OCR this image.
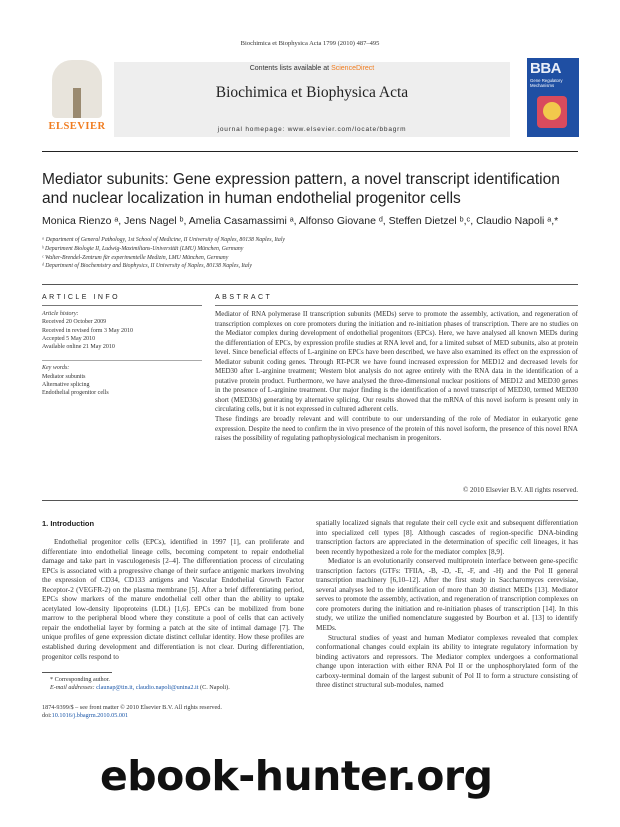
Biochimica et Biophysica Acta 1799 (2010) 487–495
ELSEVIER
Contents lists available at ScienceDirect
Biochimica et Biophysica Acta
journal homepage: www.elsevier.com/locate/bbagrm
BBA
Gene Regulatory Mechanisms
Mediator subunits: Gene expression pattern, a novel transcript identification and nuclear localization in human endothelial progenitor cells
Monica Rienzo ᵃ, Jens Nagel ᵇ, Amelia Casamassimi ᵃ, Alfonso Giovane ᵈ, Steffen Dietzel ᵇ,ᶜ, Claudio Napoli ᵃ,*
ᵃ Department of General Pathology, 1st School of Medicine, II University of Naples, 80138 Naples, Italy
ᵇ Department Biologie II, Ludwig-Maximilians-Universität (LMU) München, Germany
ᶜ Walter-Brendel-Zentrum für experimentelle Medizin, LMU München, Germany
ᵈ Department of Biochemistry and Biophysics, II University of Naples, 80138 Naples, Italy
ARTICLE INFO	ABSTRACT
Article history:
Received 20 October 2009
Received in revised form 3 May 2010
Accepted 5 May 2010
Available online 21 May 2010
Key words:
Mediator subunits
Alternative splicing
Endothelial progenitor cells
Mediator of RNA polymerase II transcription subunits (MEDs) serve to promote the assembly, activation, and regeneration of transcription complexes on core promoters during the initiation and re-initiation phases of transcription. There are no studies on the Mediator complex during development of endothelial progenitors (EPCs). Here, we have analysed all known MEDs during the differentiation of EPCs, by expression profile studies at RNA level and, for a limited subset of MED subunits, also at protein level. Since beneficial effects of L-arginine on EPCs have been described, we have also examined its effect on the expression of Mediator subunit coding genes. Through RT-PCR we have found increased expression for MED12 and decreased levels for MED30 after L-arginine treatment; Western blot analysis do not agree entirely with the RNA data in the identification of a putative protein product. Furthermore, we have analysed the three-dimensional nuclear positions of MED12 and MED30 genes in the presence of L-arginine treatment. Our major finding is the identification of a novel transcript of MED30, termed MED30 short (MED30s) generating by alternative splicing. Our results showed that the mRNA of this novel isoform is present only in circulating cells, but it is not expressed in cultured adherent cells.
These findings are broadly relevant and will contribute to our understanding of the role of Mediator in eukaryotic gene expression. Despite the need to confirm the in vivo presence of the protein of this novel isoform, the presence of this novel RNA raises the possibility of regulating pathophysiological mechanism in progenitors.
© 2010 Elsevier B.V. All rights reserved.
1. Introduction

Endothelial progenitor cells (EPCs), identified in 1997 [1], can proliferate and differentiate into endothelial lineage cells, becoming competent to repair endothelial damage and take part in vasculogenesis [2–4]. The differentiation process of circulating EPCs is associated with a progressive change of their surface antigenic markers involving the expression of CD34, CD133 antigens and Vascular Endothelial Growth Factor Receptor-2 (VEGFR-2) on the plasma membrane [5]. After a brief differentiating period, EPCs show markers of the mature endothelial cell other than the ability to uptake acetylated low-density lipoproteins (LDL) [1,6]. EPCs can be mobilized from bone marrow to the peripheral blood where they constitute a pool of cells that can actively repair the endothelial layer by forming a patch at the site of intimal damage [7]. The unique profiles of gene expression dictate distinct cellular identity. How these profiles are established during development and differentiation is not clear. During differentiation, progenitor cells respond to

spatially localized signals that regulate their cell cycle exit and subsequent differentiation into specialized cell types [8]. Although cascades of region-specific DNA-binding transcription factors are appreciated in the determination of specific cell lineages, it has been recently hypothesized a role for the mediator complex [8,9].

Mediator is an evolutionarily conserved multiprotein interface between gene-specific transcription factors (GTFs: TFIIA, -B, -D, -E, -F, and -H) and the Pol II general transcription machinery [6,10–12]. After the first study in Saccharomyces cerevisiae, several analyses led to the identification of more than 30 distinct MEDs [13]. Mediator serves to promote the assembly, activation, and regeneration of transcription complexes on core promoters during the initiation and re-initiation phases of transcription [14]. In this study, we utilize the unified nomenclature suggested by Bourbon et al. [13] to identify MEDs.

Structural studies of yeast and human Mediator complexes revealed that complex conformational changes could explain its ability to integrate regulatory information by binding activators and repressors. The Mediator complex undergoes a conformational change upon interaction with either RNA Pol II or the unphosphorylated form of the carboxy-terminal domain of the largest subunit of Pol II to form a structure consisting of three distinct structural sub-modules, named

* Corresponding author.
E-mail addresses: claunap@tin.it, claudio.napoli@unina2.it (C. Napoli).
1874-9399/$ – see front matter © 2010 Elsevier B.V. All rights reserved.
doi:10.1016/j.bbagrm.2010.05.001
ebook-hunter.org
